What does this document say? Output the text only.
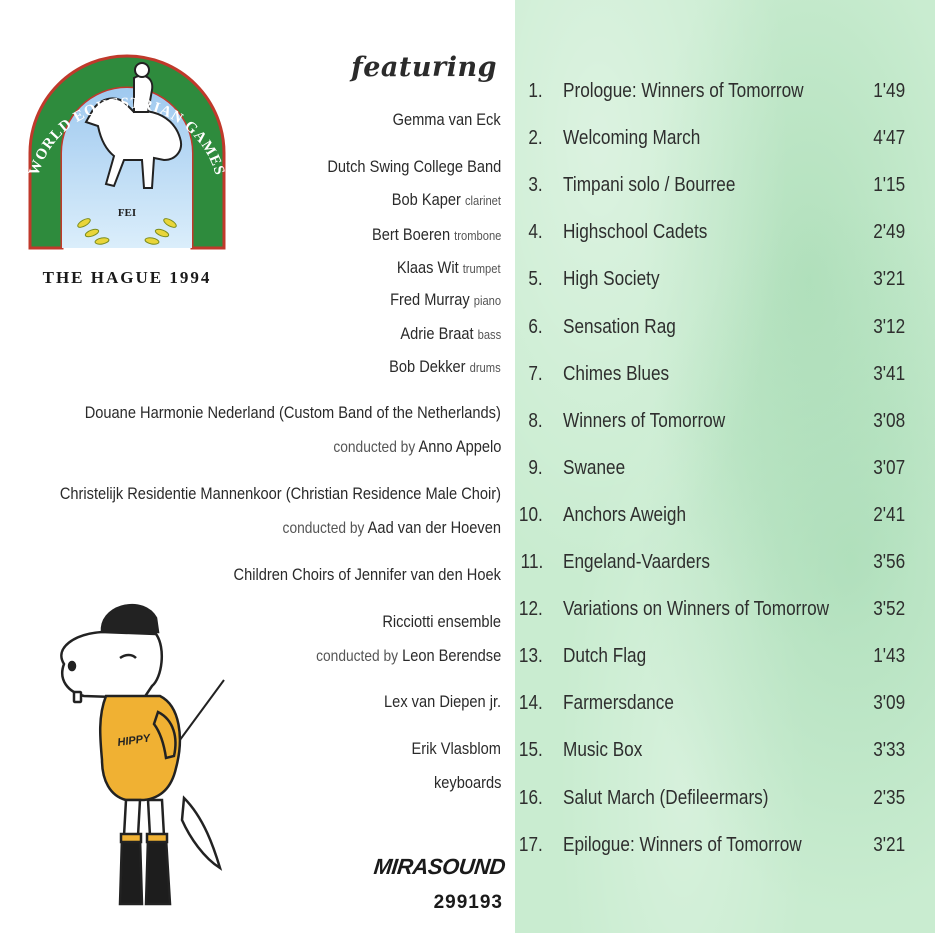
WORLD EQUESTRIAN GAMES
FEI
THE HAGUE 1994
featuring
Gemma van Eck
Dutch Swing College Band
Bob Kaper clarinet
Bert Boeren trombone
Klaas Wit trumpet
Fred Murray piano
Adrie Braat bass
Bob Dekker drums
Douane Harmonie Nederland (Custom Band of the Netherlands)
conducted by Anno Appelo
Christelijk Residentie Mannenkoor (Christian Residence Male Choir)
conducted by Aad van der Hoeven
Children Choirs of Jennifer van den Hoek
Ricciotti ensemble
conducted by Leon Berendse
Lex van Diepen jr.
Erik Vlasblom
keyboards
HIPPY
MIRASOUND
299193
1. Prologue: Winners of Tomorrow	1'49
2. Welcoming March	4'47
3. Timpani solo / Bourree	1'15
4. Highschool Cadets	2'49
5. High Society	3'21
6. Sensation Rag	3'12
7. Chimes Blues	3'41
8. Winners of Tomorrow	3'08
9. Swanee	3'07
10. Anchors Aweigh	2'41
11. Engeland-Vaarders	3'56
12. Variations on Winners of Tomorrow 3'52
13. Dutch Flag	1'43
14. Farmersdance	3'09
15. Music Box	3'33
16. Salut March (Defileermars)	2'35
17. Epilogue: Winners of Tomorrow	3'21
